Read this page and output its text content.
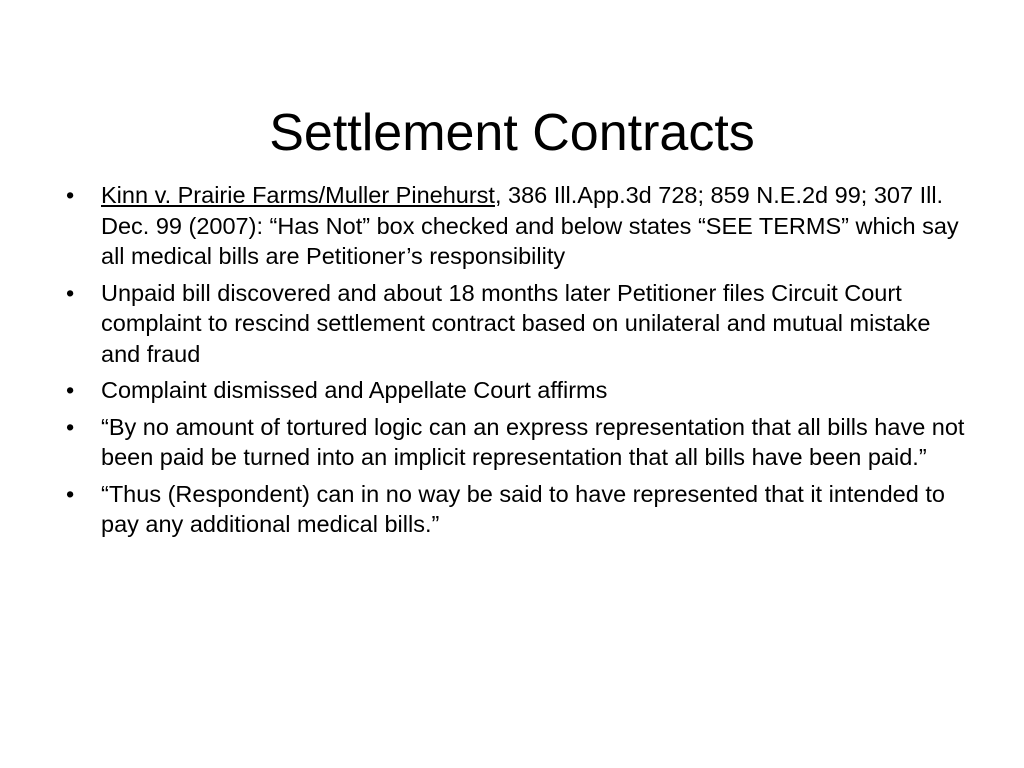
Settlement Contracts
• Kinn v. Prairie Farms/Muller Pinehurst, 386 Ill.App.3d 728; 859 N.E.2d 99; 307 Ill. Dec. 99 (2007): “Has Not” box checked and below states “SEE TERMS” which say all medical bills are Petitioner’s responsibility
• Unpaid bill discovered and about 18 months later Petitioner files Circuit Court complaint to rescind settlement contract based on unilateral and mutual mistake and fraud
• Complaint dismissed and Appellate Court affirms
• “By no amount of tortured logic can an express representation that all bills have not been paid be turned into an implicit representation that all bills have been paid.”
• “Thus (Respondent) can in no way be said to have represented that it intended to pay any additional medical bills.”
